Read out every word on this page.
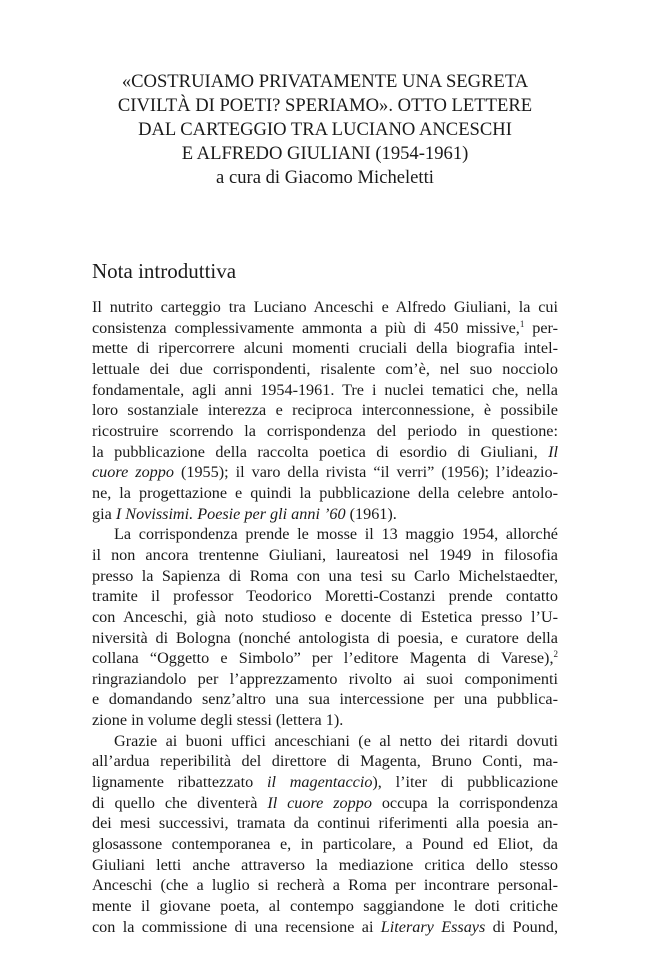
«COSTRUIAMO PRIVATAMENTE UNA SEGRETA
CIVILTÀ DI POETI? SPERIAMO». OTTO LETTERE
DAL CARTEGGIO TRA LUCIANO ANCESCHI
E ALFREDO GIULIANI (1954-1961)
a cura di Giacomo Micheletti
Nota introduttiva
Il nutrito carteggio tra Luciano Anceschi e Alfredo Giuliani, la cui
consistenza complessivamente ammonta a più di 450 missive,$^1$ per-
mette di ripercorrere alcuni momenti cruciali della biografia intel-
lettuale dei due corrispondenti, risalente com’è, nel suo nocciolo
fondamentale, agli anni 1954-1961. Tre i nuclei tematici che, nella
loro sostanziale interezza e reciproca interconnessione, è possibile
ricostruire scorrendo la corrispondenza del periodo in questione:
la pubblicazione della raccolta poetica di esordio di Giuliani, Il
cuore zoppo (1955); il varo della rivista “il verri” (1956); l’ideazio-
ne, la progettazione e quindi la pubblicazione della celebre antolo-
gia I Novissimi. Poesie per gli anni ’60 (1961).
La corrispondenza prende le mosse il 13 maggio 1954, allorché
il non ancora trentenne Giuliani, laureatosi nel 1949 in filosofia
presso la Sapienza di Roma con una tesi su Carlo Michelstaedter,
tramite il professor Teodorico Moretti-Costanzi prende contatto
con Anceschi, già noto studioso e docente di Estetica presso l’U-
niversità di Bologna (nonché antologista di poesia, e curatore della
collana “Oggetto e Simbolo” per l’editore Magenta di Varese),$^2$
ringraziandolo per l’apprezzamento rivolto ai suoi componimenti
e domandando senz’altro una sua intercessione per una pubblica-
zione in volume degli stessi (lettera 1).
Grazie ai buoni uffici anceschiani (e al netto dei ritardi dovuti
all’ardua reperibilità del direttore di Magenta, Bruno Conti, ma-
lignamente ribattezzato il magentaccio), l’iter di pubblicazione
di quello che diventerà Il cuore zoppo occupa la corrispondenza
dei mesi successivi, tramata da continui riferimenti alla poesia an-
glosassone contemporanea e, in particolare, a Pound ed Eliot, da
Giuliani letti anche attraverso la mediazione critica dello stesso
Anceschi (che a luglio si recherà a Roma per incontrare personal-
mente il giovane poeta, al contempo saggiandone le doti critiche
con la commissione di una recensione ai Literary Essays di Pound,
